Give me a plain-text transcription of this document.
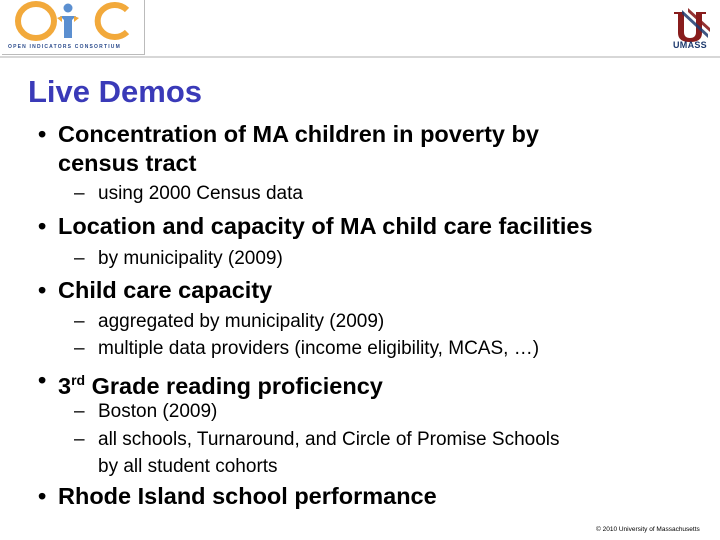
OPEN INDICATORS CONSORTIUM	UMASS
Live Demos
• Concentration of MA children in poverty by
census tract
– using 2000 Census data
• Location and capacity of MA child care facilities
– by municipality (2009)
• Child care capacity
– aggregated by municipality (2009)
– multiple data providers (income eligibility, MCAS, …)
• 3rd Grade reading proficiency
– Boston (2009)
– all schools, Turnaround, and Circle of Promise Schools
by all student cohorts
• Rhode Island school performance
© 2010 University of Massachusetts
